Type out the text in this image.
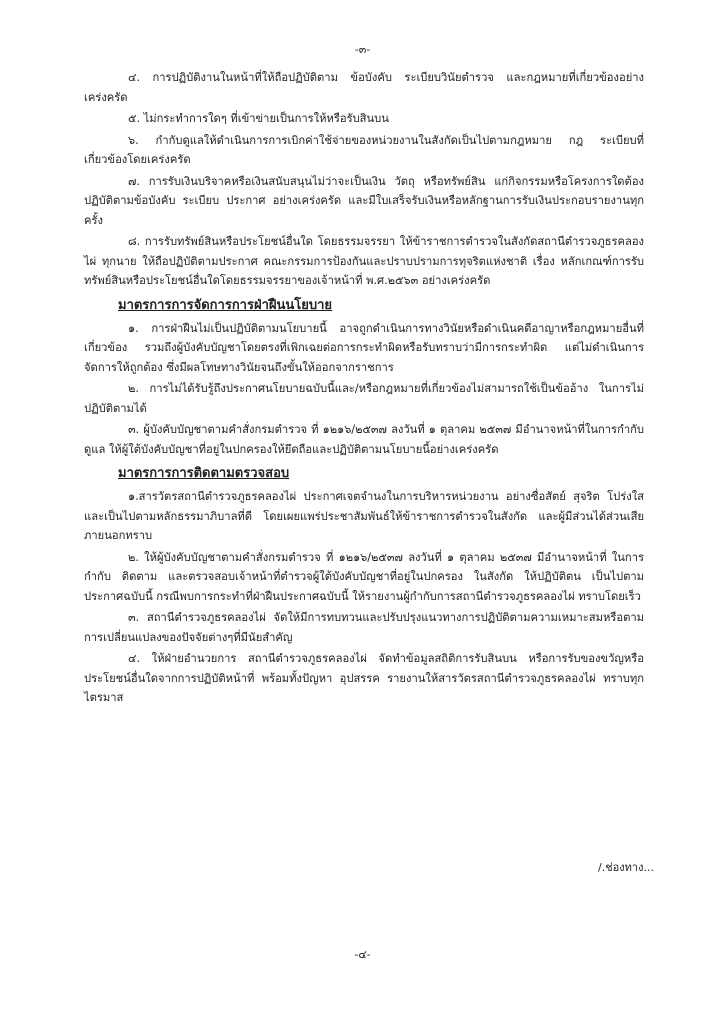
-๓-

๔. การปฏิบัติงานในหน้าที่ให้ถือปฏิบัติตาม ข้อบังคับ ระเบียบวินัยตำรวจ และกฎหมายที่เกี่ยวข้องอย่างเคร่งครัด

๕. ไม่กระทำการใดๆ ที่เข้าข่ายเป็นการให้หรือรับสินบน

๖. กำกับดูแลให้ดำเนินการการเบิกค่าใช้จ่ายของหน่วยงานในสังกัดเป็นไปตามกฎหมาย กฎ ระเบียบที่เกี่ยวข้องโดยเคร่งครัด

๗. การรับเงินบริจาคหรือเงินสนับสนุนไม่ว่าจะเป็นเงิน วัตถุ หรือทรัพย์สิน แก่กิจกรรมหรือโครงการใดต้องปฏิบัติตามข้อบังคับ ระเบียบ ประกาศ อย่างเคร่งครัด และมีใบเสร็จรับเงินหรือหลักฐานการรับเงินประกอบรายงานทุกครั้ง

๘. การรับทรัพย์สินหรือประโยชน์อื่นใด โดยธรรมจรรยา ให้ข้าราชการตำรวจในสังกัดสถานีตำรวจภูธรคลองไผ่ ทุกนาย ให้ถือปฏิบัติตามประกาศ คณะกรรมการป้องกันและปราบปรามการทุจริตแห่งชาติ เรื่อง หลักเกณฑ์การรับทรัพย์สินหรือประโยชน์อื่นใดโดยธรรมจรรยาของเจ้าหน้าที่ พ.ศ.๒๕๖๓ อย่างเคร่งครัด

มาตรการการจัดการการฝ่าฝืนนโยบาย

๑. การฝ่าฝืนไม่เป็นปฏิบัติตามนโยบายนี้ อาจถูกดำเนินการทางวินัยหรือดำเนินคดีอาญาหรือกฎหมายอื่นที่เกี่ยวข้อง รวมถึงผู้บังคับบัญชาโดยตรงที่เพิกเฉยต่อการกระทำผิดหรือรับทราบว่ามีการกระทำผิด แต่ไม่ดำเนินการจัดการให้ถูกต้อง ซึ่งมีผลโทษทางวินัยจนถึงขั้นให้ออกจากราชการ

๒. การไม่ได้รับรู้ถึงประกาศนโยบายฉบับนี้และ/หรือกฎหมายที่เกี่ยวข้องไม่สามารถใช้เป็นข้ออ้าง ในการไม่ปฏิบัติตามได้

๓. ผู้บังคับบัญชาตามคำสั่งกรมตำรวจ ที่ ๑๒๑๖/๒๕๓๗ ลงวันที่ ๑ ตุลาคม ๒๕๓๗ มีอำนาจหน้าที่ในการกำกับ ดูแล ให้ผู้ใต้บังคับบัญชาที่อยู่ในปกครองให้ยึดถือและปฏิบัติตามนโยบายนี้อย่างเคร่งครัด

มาตรการการติดตามตรวจสอบ

๑.สารวัตรสถานีตำรวจภูธรคลองไผ่ ประกาศเจตจำนงในการบริหารหน่วยงาน อย่างซื่อสัตย์ สุจริต โปร่งใส และเป็นไปตามหลักธรรมาภิบาลที่ดี โดยเผยแพร่ประชาสัมพันธ์ให้ข้าราชการตำรวจในสังกัด และผู้มีส่วนได้ส่วนเสียภายนอกทราบ

๒. ให้ผู้บังคับบัญชาตามคำสั่งกรมตำรวจ ที่ ๑๒๑๖/๒๕๓๗ ลงวันที่ ๑ ตุลาคม ๒๕๓๗ มีอำนาจหน้าที่ ในการกำกับ ติดตาม และตรวจสอบเจ้าหน้าที่ตำรวจผู้ใต้บังคับบัญชาที่อยู่ในปกครอง ในสังกัด ให้ปฏิบัติตน เป็นไปตามประกาศฉบับนี้ กรณีพบการกระทำที่ฝ่าฝืนประกาศฉบับนี้ ให้รายงานผู้กำกับการสถานีตำรวจภูธรคลองไผ่ ทราบโดยเร็ว

๓. สถานีตำรวจภูธรคลองไผ่ จัดให้มีการทบทวนและปรับปรุงแนวทางการปฏิบัติตามความเหมาะสมหรือตามการเปลี่ยนแปลงของปัจจัยต่างๆที่มีนัยสำคัญ

๔. ให้ฝ่ายอำนวยการ สถานีตำรวจภูธรคลองไผ่ จัดทำข้อมูลสถิติการรับสินบน หรือการรับของขวัญหรือประโยชน์อื่นใดจากการปฏิบัติหน้าที่ พร้อมทั้งปัญหา อุปสรรค รายงานให้สารวัตรสถานีตำรวจภูธรคลองไผ่ ทราบทุกไตรมาส

/.ช่องทาง...
-๔-
